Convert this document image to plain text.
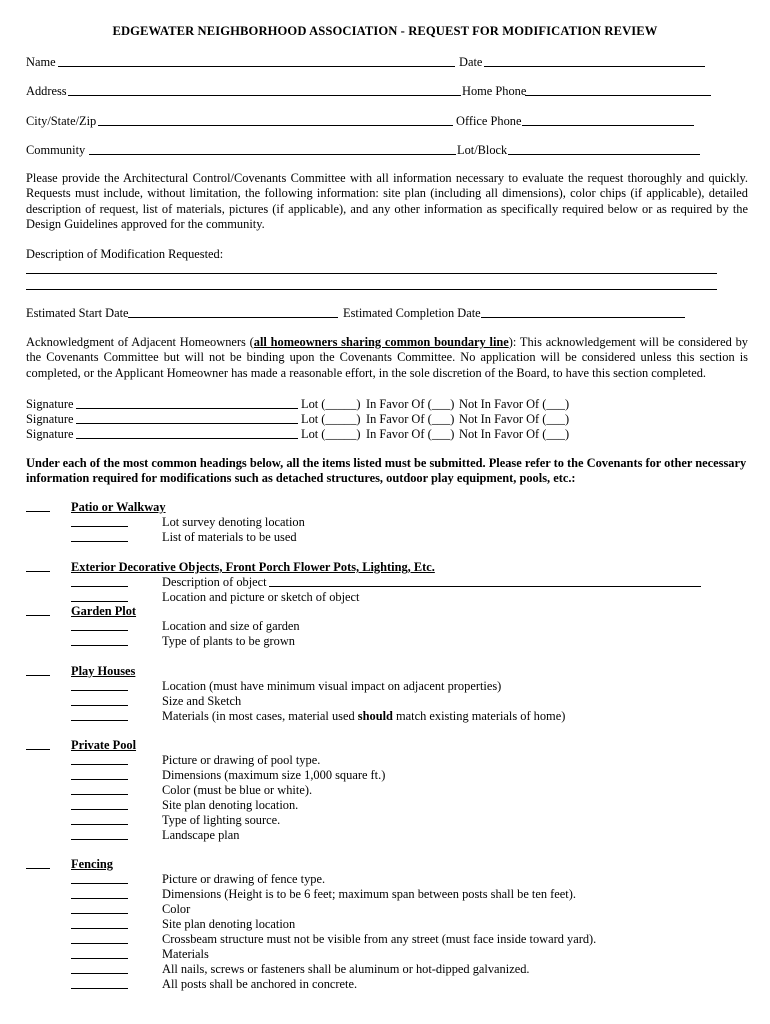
EDGEWATER NEIGHBORHOOD ASSOCIATION - REQUEST FOR MODIFICATION REVIEW
Name	Date
Address	Home Phone
City/State/Zip	Office Phone
Community	Lot/Block
Please provide the Architectural Control/Covenants Committee with all information necessary to evaluate the request thoroughly and quickly. Requests must include, without limitation, the following information: site plan (including all dimensions), color chips (if applicable), detailed description of request, list of materials, pictures (if applicable), and any other information as specifically required below or as required by the Design Guidelines approved for the community.
Description of Modification Requested:
Estimated Start Date	Estimated Completion Date
Acknowledgment of Adjacent Homeowners (all homeowners sharing common boundary line): This acknowledgement will be considered by the Covenants Committee but will not be binding upon the Covenants Committee. No application will be considered unless this section is completed, or the Applicant Homeowner has made a reasonable effort, in the sole discretion of the Board, to have this section completed.
Signature	Lot (_____) In Favor Of (___) Not In Favor Of (___)
Signature	Lot (_____) In Favor Of (___) Not In Favor Of (___)
Signature	Lot (_____) In Favor Of (___) Not In Favor Of (___)
Under each of the most common headings below, all the items listed must be submitted. Please refer to the Covenants for other necessary information required for modifications such as detached structures, outdoor play equipment, pools, etc.:
Patio or Walkway
Lot survey denoting location
List of materials to be used
Exterior Decorative Objects, Front Porch Flower Pots, Lighting, Etc.
Description of object
Location and picture or sketch of object
Garden Plot
Location and size of garden
Type of plants to be grown
Play Houses
Location (must have minimum visual impact on adjacent properties)
Size and Sketch
Materials (in most cases, material used should match existing materials of home)
Private Pool
Picture or drawing of pool type.
Dimensions (maximum size 1,000 square ft.)
Color (must be blue or white).
Site plan denoting location.
Type of lighting source.
Landscape plan
Fencing
Picture or drawing of fence type.
Dimensions (Height is to be 6 feet; maximum span between posts shall be ten feet).
Color
Site plan denoting location
Crossbeam structure must not be visible from any street (must face inside toward yard).
Materials
All nails, screws or fasteners shall be aluminum or hot-dipped galvanized.
All posts shall be anchored in concrete.
